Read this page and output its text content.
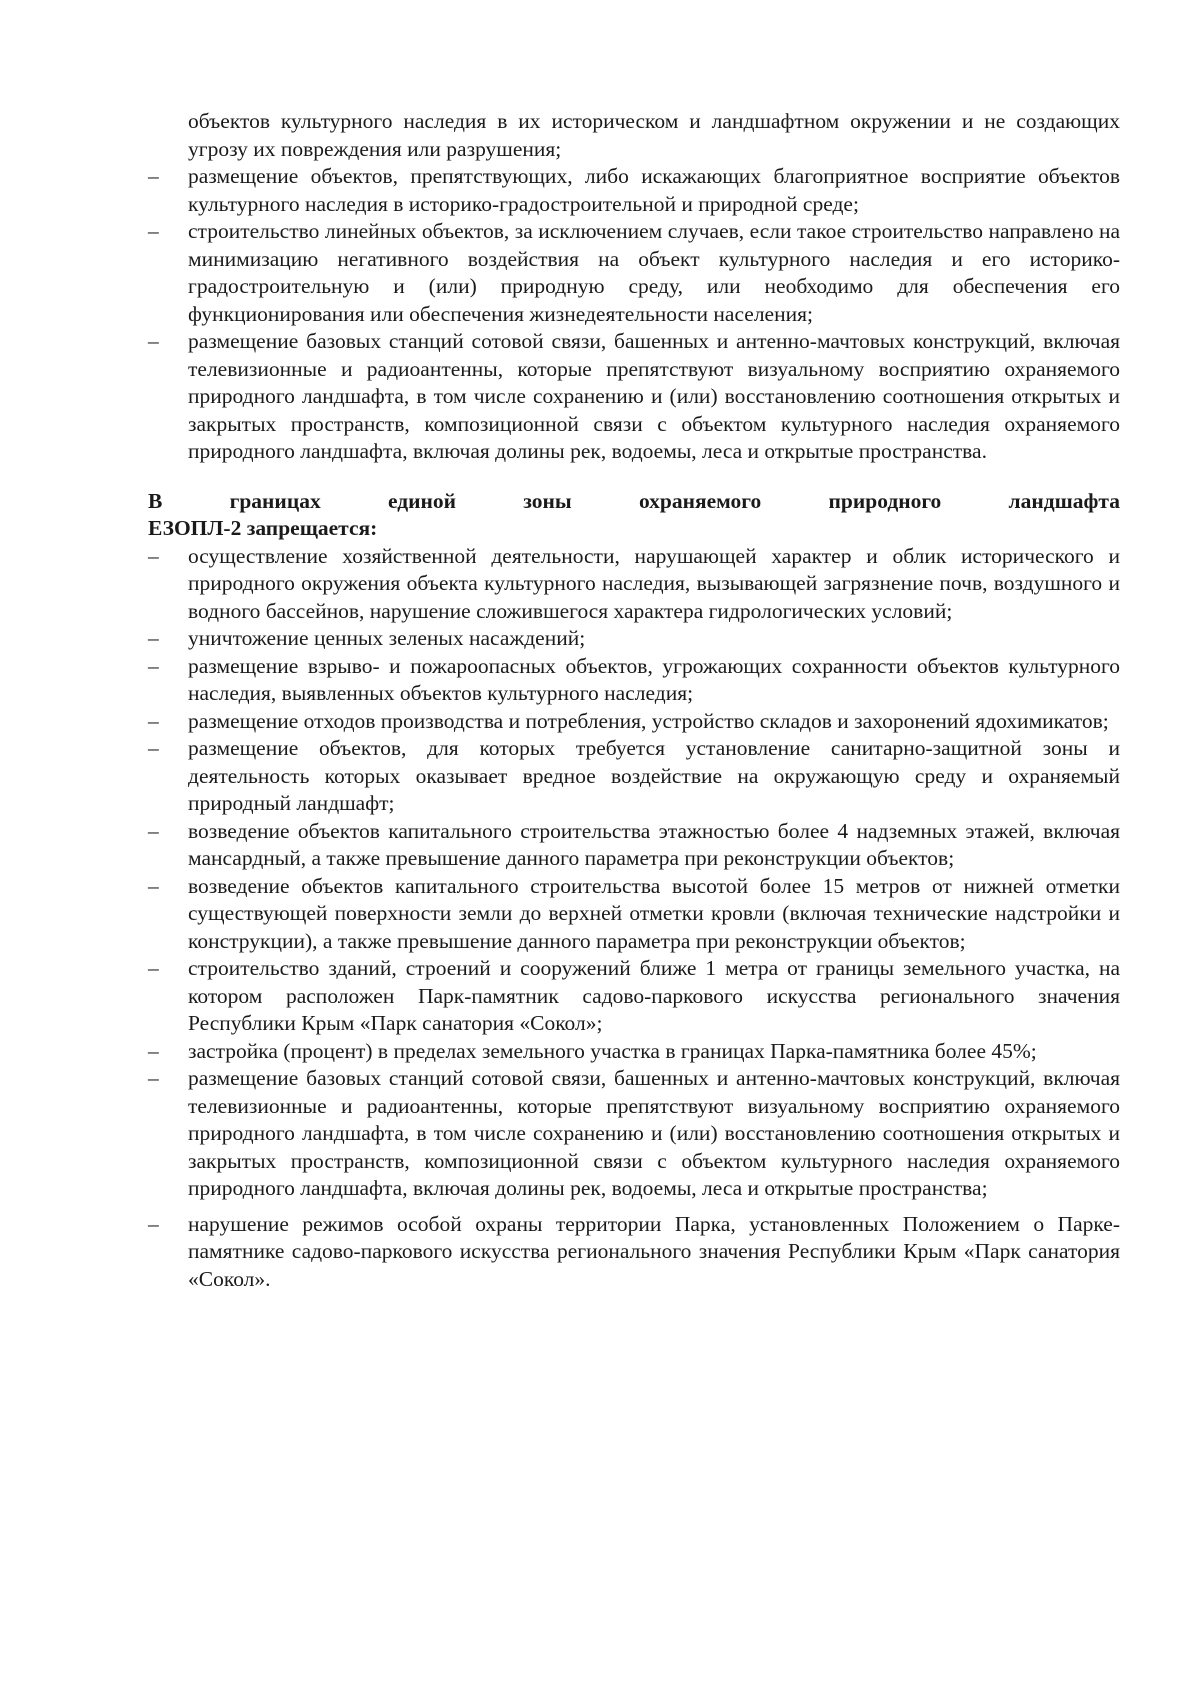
объектов культурного наследия в их историческом и ландшафтном окружении и не создающих угрозу их повреждения или разрушения;

–	размещение объектов, препятствующих, либо искажающих благоприятное восприятие объектов культурного наследия в историко-градостроительной и природной среде;

–	строительство линейных объектов, за исключением случаев, если такое строительство направлено на минимизацию негативного воздействия на объект культурного наследия и его историко-градостроительную и (или) природную среду, или необходимо для обеспечения его функционирования или обеспечения жизнедеятельности населения;

–	размещение базовых станций сотовой связи, башенных и антенно-мачтовых конструкций, включая телевизионные и радиоантенны, которые препятствуют визуальному восприятию охраняемого природного ландшафта, в том числе сохранению и (или) восстановлению соотношения открытых и закрытых пространств, композиционной связи с объектом культурного наследия охраняемого природного ландшафта, включая долины рек, водоемы, леса и открытые пространства.

В	границах	единой	зоны	охраняемого	природного	ландшафта
ЕЗОПЛ-2 запрещается:

–	осуществление хозяйственной деятельности, нарушающей характер и облик исторического и природного окружения объекта культурного наследия, вызывающей загрязнение почв, воздушного и водного бассейнов, нарушение сложившегося характера гидрологических условий;

–	уничтожение ценных зеленых насаждений;

–	размещение взрыво- и пожароопасных объектов, угрожающих сохранности объектов культурного наследия, выявленных объектов культурного наследия;

–	размещение отходов производства и потребления, устройство складов и захоронений ядохимикатов;

–	размещение объектов, для которых требуется установление санитарно-защитной зоны и деятельность которых оказывает вредное воздействие на окружающую среду и охраняемый природный ландшафт;

–	возведение объектов капитального строительства этажностью более 4 надземных этажей, включая мансардный, а также превышение данного параметра при реконструкции объектов;

–	возведение объектов капитального строительства высотой более 15 метров от нижней отметки существующей поверхности земли до верхней отметки кровли (включая технические надстройки и конструкции), а также превышение данного параметра при реконструкции объектов;

–	строительство зданий, строений и сооружений ближе 1 метра от границы земельного участка, на котором расположен Парк-памятник садово-паркового искусства регионального значения Республики Крым «Парк санатория «Сокол»;

–	застройка (процент) в пределах земельного участка в границах Парка-памятника более 45%;

–	размещение базовых станций сотовой связи, башенных и антенно-мачтовых конструкций, включая телевизионные и радиоантенны, которые препятствуют визуальному восприятию охраняемого природного ландшафта, в том числе сохранению и (или) восстановлению соотношения открытых и закрытых пространств, композиционной связи с объектом культурного наследия охраняемого природного ландшафта, включая долины рек, водоемы, леса и открытые пространства;

–	нарушение режимов особой охраны территории Парка, установленных Положением о Парке-памятнике садово-паркового искусства регионального значения Республики Крым «Парк санатория «Сокол».
